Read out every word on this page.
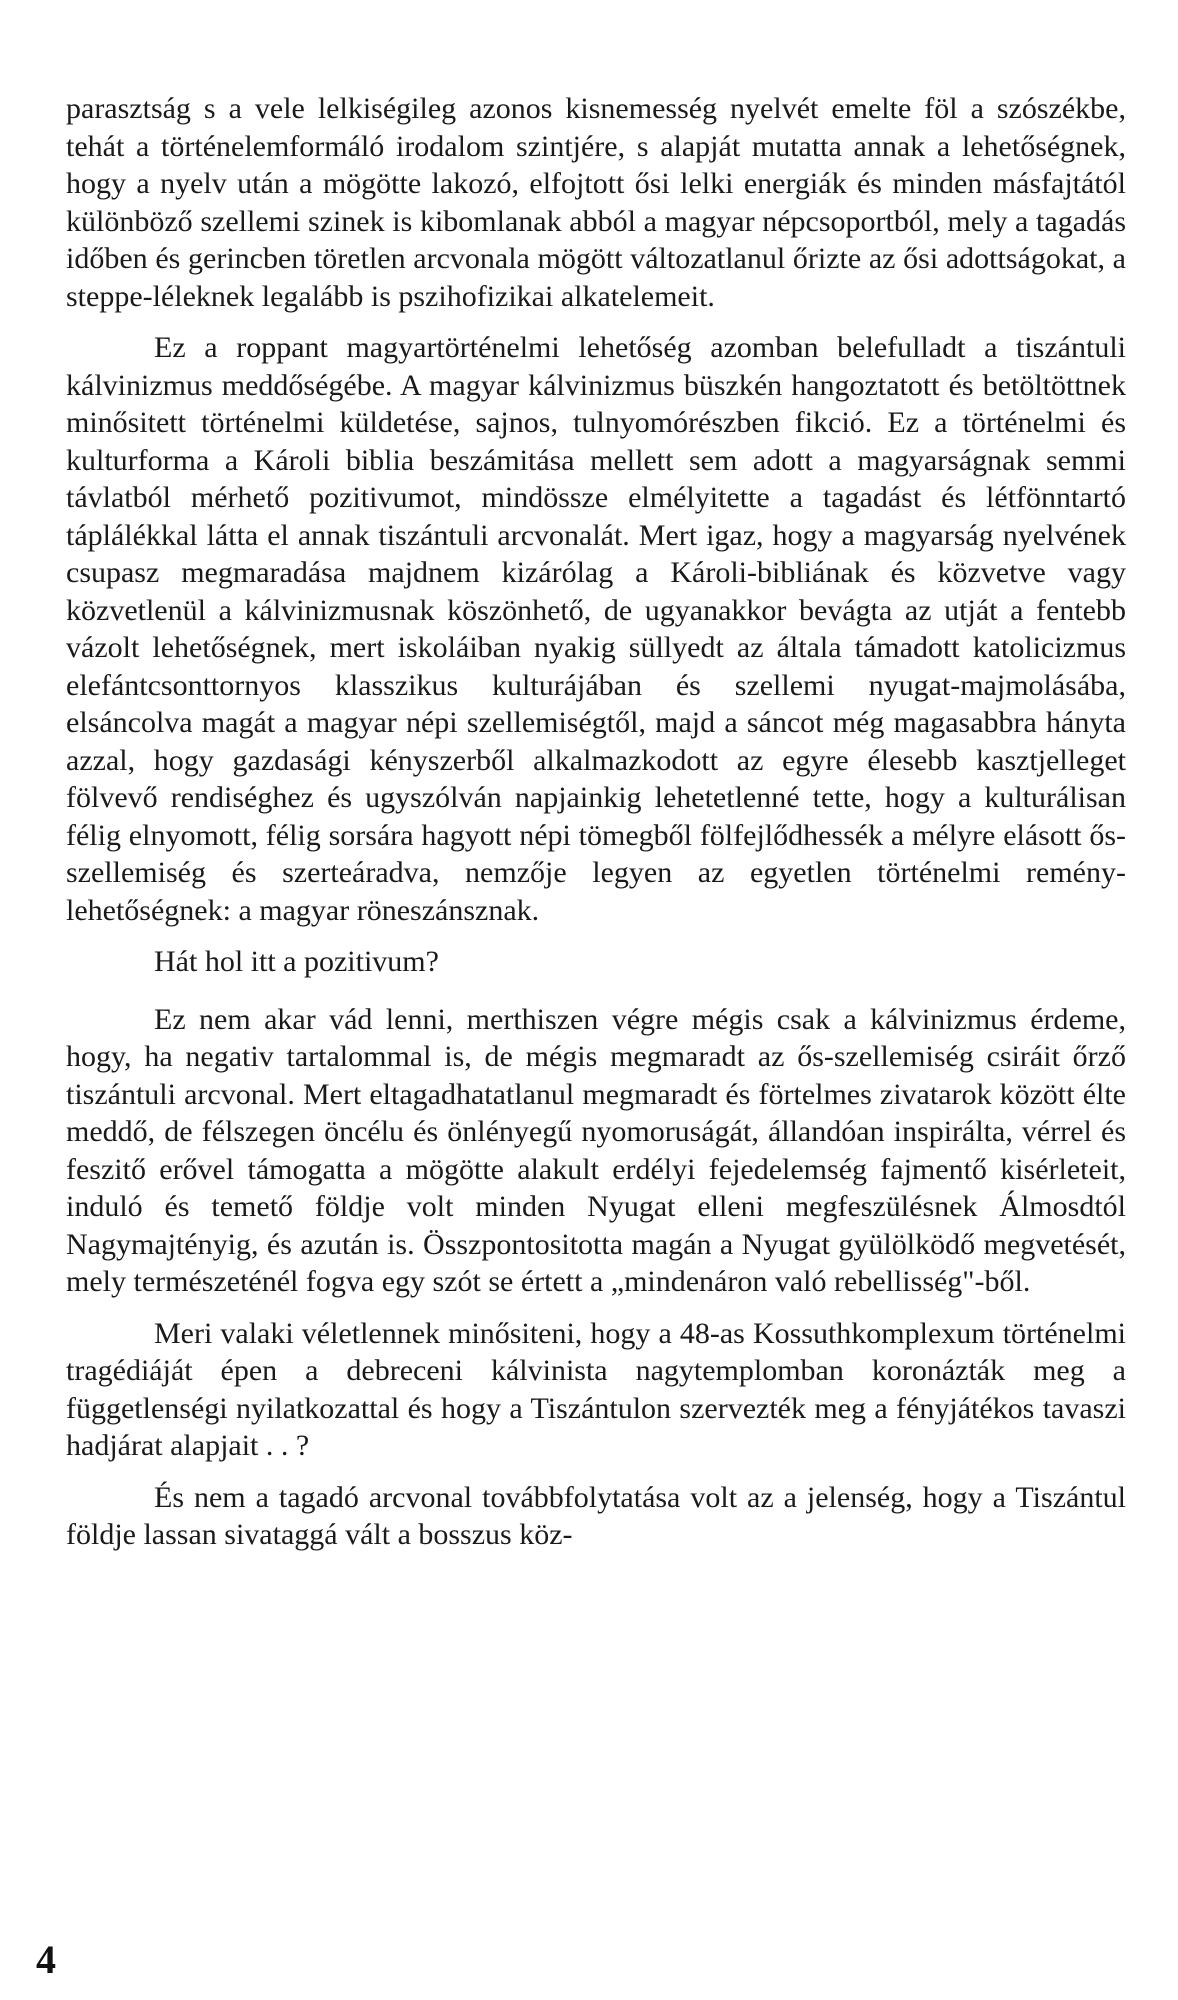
parasztság s a vele lelkiségileg azonos kisnemesség nyelvét emelte föl a szószékbe, tehát a történelemformáló irodalom szintjére, s alapját mutatta annak a lehetőségnek, hogy a nyelv után a mögötte lakozó, elfojtott ősi lelki energiák és minden másfajtától különböző szellemi szinek is kibomlanak abból a magyar népcsoportból, mely a tagadás időben és gerincben töretlen arcvonala mögött változatlanul őrizte az ősi adottságokat, a steppe-léleknek legalább is pszihofizikai alkatelemeit.

Ez a roppant magyartörténelmi lehetőség azomban belefulladt a tiszántuli kálvinizmus meddőségébe. A magyar kálvinizmus büszkén hangoztatott és betöltöttnek minősitett történelmi küldetése, sajnos, tulnyomórészben fikció. Ez a történelmi és kulturforma a Károli biblia beszámitása mellett sem adott a magyarságnak semmi távlatból mérhető pozitivumot, mindössze elmélyitette a tagadást és létfönntartó táplálékkal látta el annak tiszántuli arcvonalát. Mert igaz, hogy a magyarság nyelvének csupasz megmaradása majdnem kizárólag a Károli-bibliának és közvetve vagy közvetlenül a kálvinizmusnak köszönhető, de ugyanakkor bevágta az utját a fentebb vázolt lehetőségnek, mert iskoláiban nyakig süllyedt az általa támadott katolicizmus elefántcsonttornyos klasszikus kulturájában és szellemi nyugat-majmolásába, elsáncolva magát a magyar népi szellemiségtől, majd a sáncot még magasabbra hányta azzal, hogy gazdasági kényszerből alkalmazkodott az egyre élesebb kasztjelleget fölvevő rendiséghez és ugyszólván napjainkig lehetetlenné tette, hogy a kulturálisan félig elnyomott, félig sorsára hagyott népi tömegből fölfejlődhessék a mélyre elásott ős-szellemiség és szerteáradva, nemzője legyen az egyetlen történelmi remény-lehetőségnek: a magyar röneszánsznak.

Hát hol itt a pozitivum?

Ez nem akar vád lenni, merthiszen végre mégis csak a kálvinizmus érdeme, hogy, ha negativ tartalommal is, de mégis megmaradt az ős-szellemiség csiráit őrző tiszántuli arcvonal. Mert eltagadhatatlanul megmaradt és förtelmes zivatarok között élte meddő, de félszegen öncélu és önlényegű nyomoruságát, állandóan inspirálta, vérrel és feszitő erővel támogatta a mögötte alakult erdélyi fejedelemség fajmentő kisérleteit, induló és temető földje volt minden Nyugat elleni megfeszülésnek Álmosdtól Nagymajtényig, és azután is. Összpontositotta magán a Nyugat gyülölködő megvetését, mely természeténél fogva egy szót se értett a „mindenáron való rebellisség"-ből.

Meri valaki véletlennek minősiteni, hogy a 48-as Kossuthkomplexum történelmi tragédiáját épen a debreceni kálvinista nagytemplomban koronázták meg a függetlenségi nyilatkozattal és hogy a Tiszántulon szervezték meg a fényjátékos tavaszi hadjárat alapjait . . ?

És nem a tagadó arcvonal továbbfolytatása volt az a jelenség, hogy a Tiszántul földje lassan sivataggá vált a bosszus köz-

4
